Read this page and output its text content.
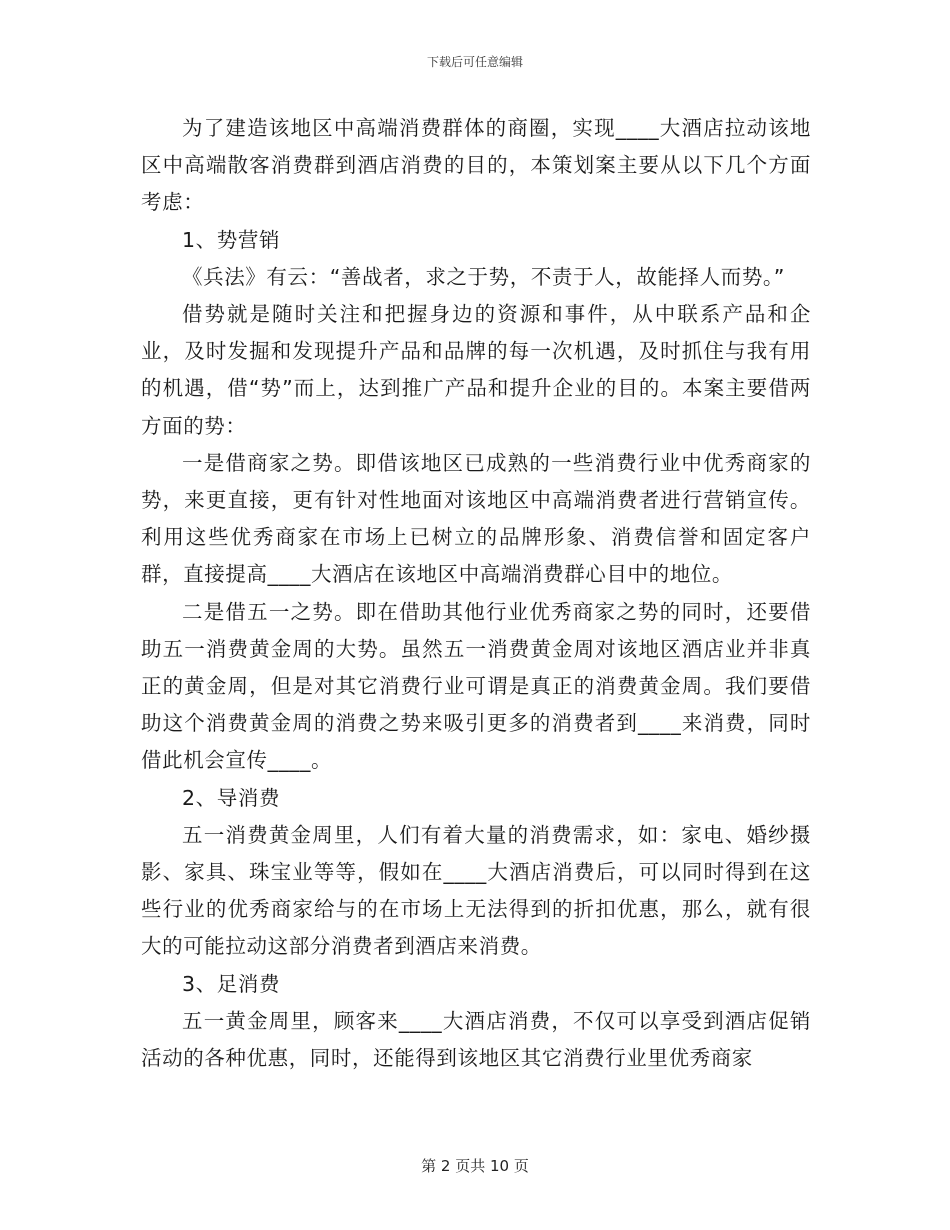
下载后可任意编辑

为了建造该地区中高端消费群体的商圈，实现____大酒店拉动该地区中高端散客消费群到酒店消费的目的，本策划案主要从以下几个方面考虑：

1、势营销

《兵法》有云：“善战者，求之于势，不责于人，故能择人而势。”

借势就是随时关注和把握身边的资源和事件，从中联系产品和企业，及时发掘和发现提升产品和品牌的每一次机遇，及时抓住与我有用的机遇，借“势”而上，达到推广产品和提升企业的目的。本案主要借两方面的势：

一是借商家之势。即借该地区已成熟的一些消费行业中优秀商家的势，来更直接，更有针对性地面对该地区中高端消费者进行营销宣传。利用这些优秀商家在市场上已树立的品牌形象、消费信誉和固定客户群，直接提高____大酒店在该地区中高端消费群心目中的地位。

二是借五一之势。即在借助其他行业优秀商家之势的同时，还要借助五一消费黄金周的大势。虽然五一消费黄金周对该地区酒店业并非真正的黄金周，但是对其它消费行业可谓是真正的消费黄金周。我们要借助这个消费黄金周的消费之势来吸引更多的消费者到____来消费，同时借此机会宣传____。

2、导消费

五一消费黄金周里，人们有着大量的消费需求，如：家电、婚纱摄影、家具、珠宝业等等，假如在____大酒店消费后，可以同时得到在这些行业的优秀商家给与的在市场上无法得到的折扣优惠，那么，就有很大的可能拉动这部分消费者到酒店来消费。

3、足消费

五一黄金周里，顾客来____大酒店消费，不仅可以享受到酒店促销活动的各种优惠，同时，还能得到该地区其它消费行业里优秀商家

第 2 页共 10 页
